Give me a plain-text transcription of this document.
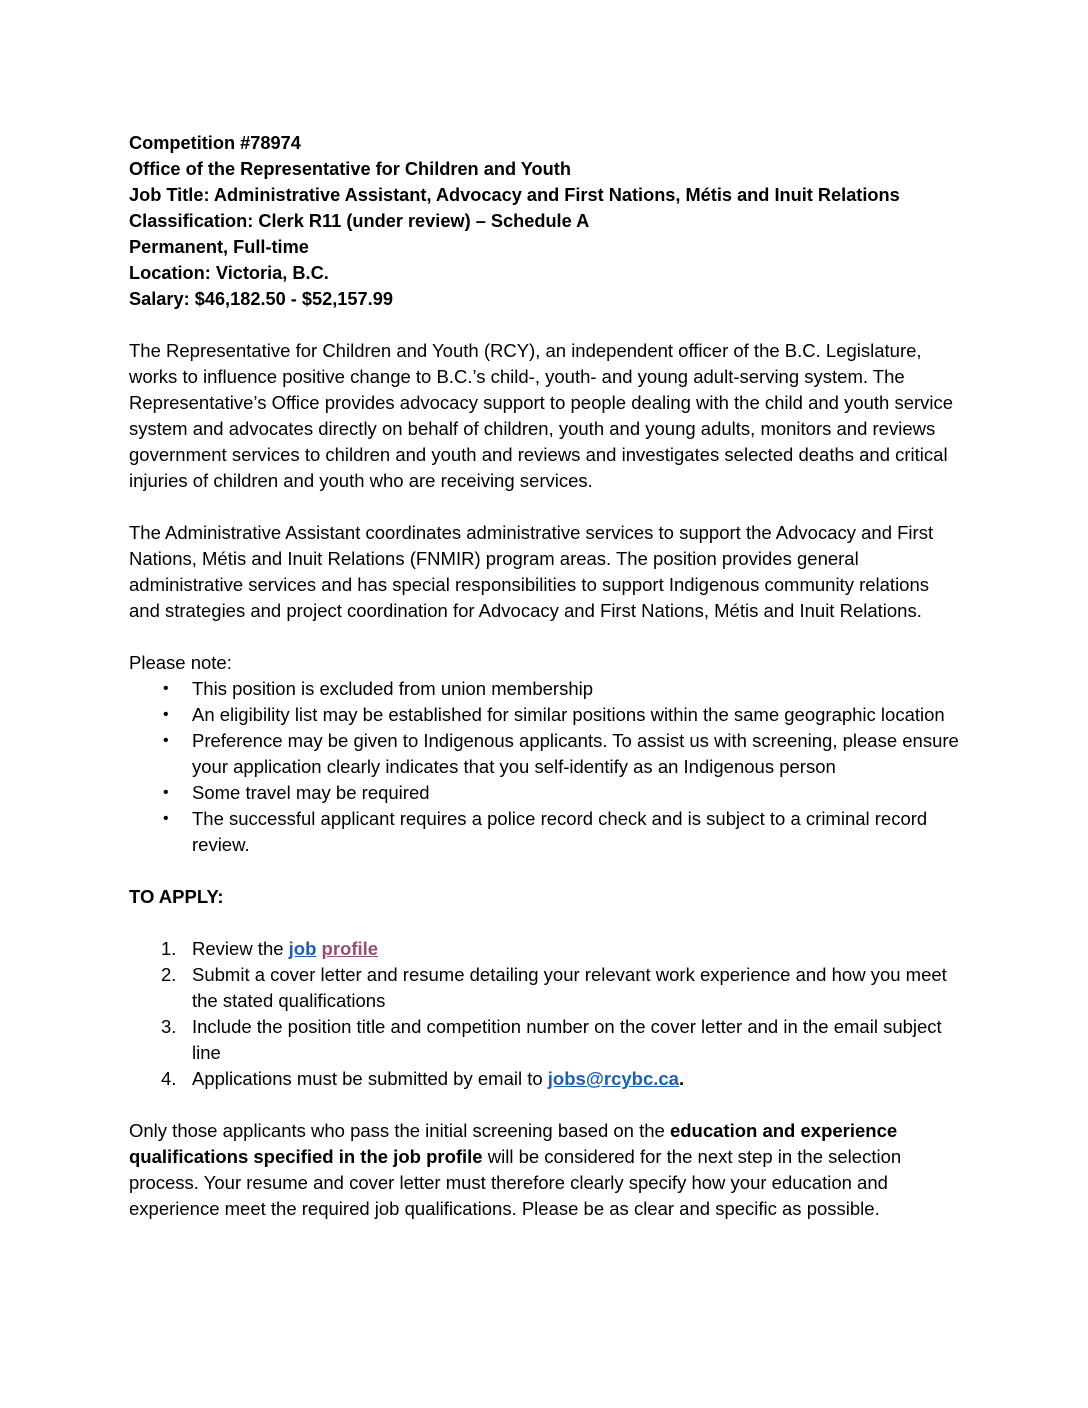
Competition #78974
Office of the Representative for Children and Youth
Job Title: Administrative Assistant, Advocacy and First Nations, Métis and Inuit Relations
Classification: Clerk R11 (under review) – Schedule A
Permanent, Full-time
Location: Victoria, B.C.
Salary: $46,182.50 - $52,157.99

The Representative for Children and Youth (RCY), an independent officer of the B.C. Legislature, works to influence positive change to B.C.’s child-, youth- and young adult-serving system. The Representative’s Office provides advocacy support to people dealing with the child and youth service system and advocates directly on behalf of children, youth and young adults, monitors and reviews government services to children and youth and reviews and investigates selected deaths and critical injuries of children and youth who are receiving services.

The Administrative Assistant coordinates administrative services to support the Advocacy and First Nations, Métis and Inuit Relations (FNMIR) program areas. The position provides general administrative services and has special responsibilities to support Indigenous community relations and strategies and project coordination for Advocacy and First Nations, Métis and Inuit Relations.

Please note:

• This position is excluded from union membership
• An eligibility list may be established for similar positions within the same geographic location
• Preference may be given to Indigenous applicants. To assist us with screening, please ensure your application clearly indicates that you self-identify as an Indigenous person
• Some travel may be required
• The successful applicant requires a police record check and is subject to a criminal record review.

TO APPLY:

1. Review the job profile
2. Submit a cover letter and resume detailing your relevant work experience and how you meet the stated qualifications
3. Include the position title and competition number on the cover letter and in the email subject line
4. Applications must be submitted by email to jobs@rcybc.ca.

Only those applicants who pass the initial screening based on the education and experience qualifications specified in the job profile will be considered for the next step in the selection process. Your resume and cover letter must therefore clearly specify how your education and experience meet the required job qualifications. Please be as clear and specific as possible.
